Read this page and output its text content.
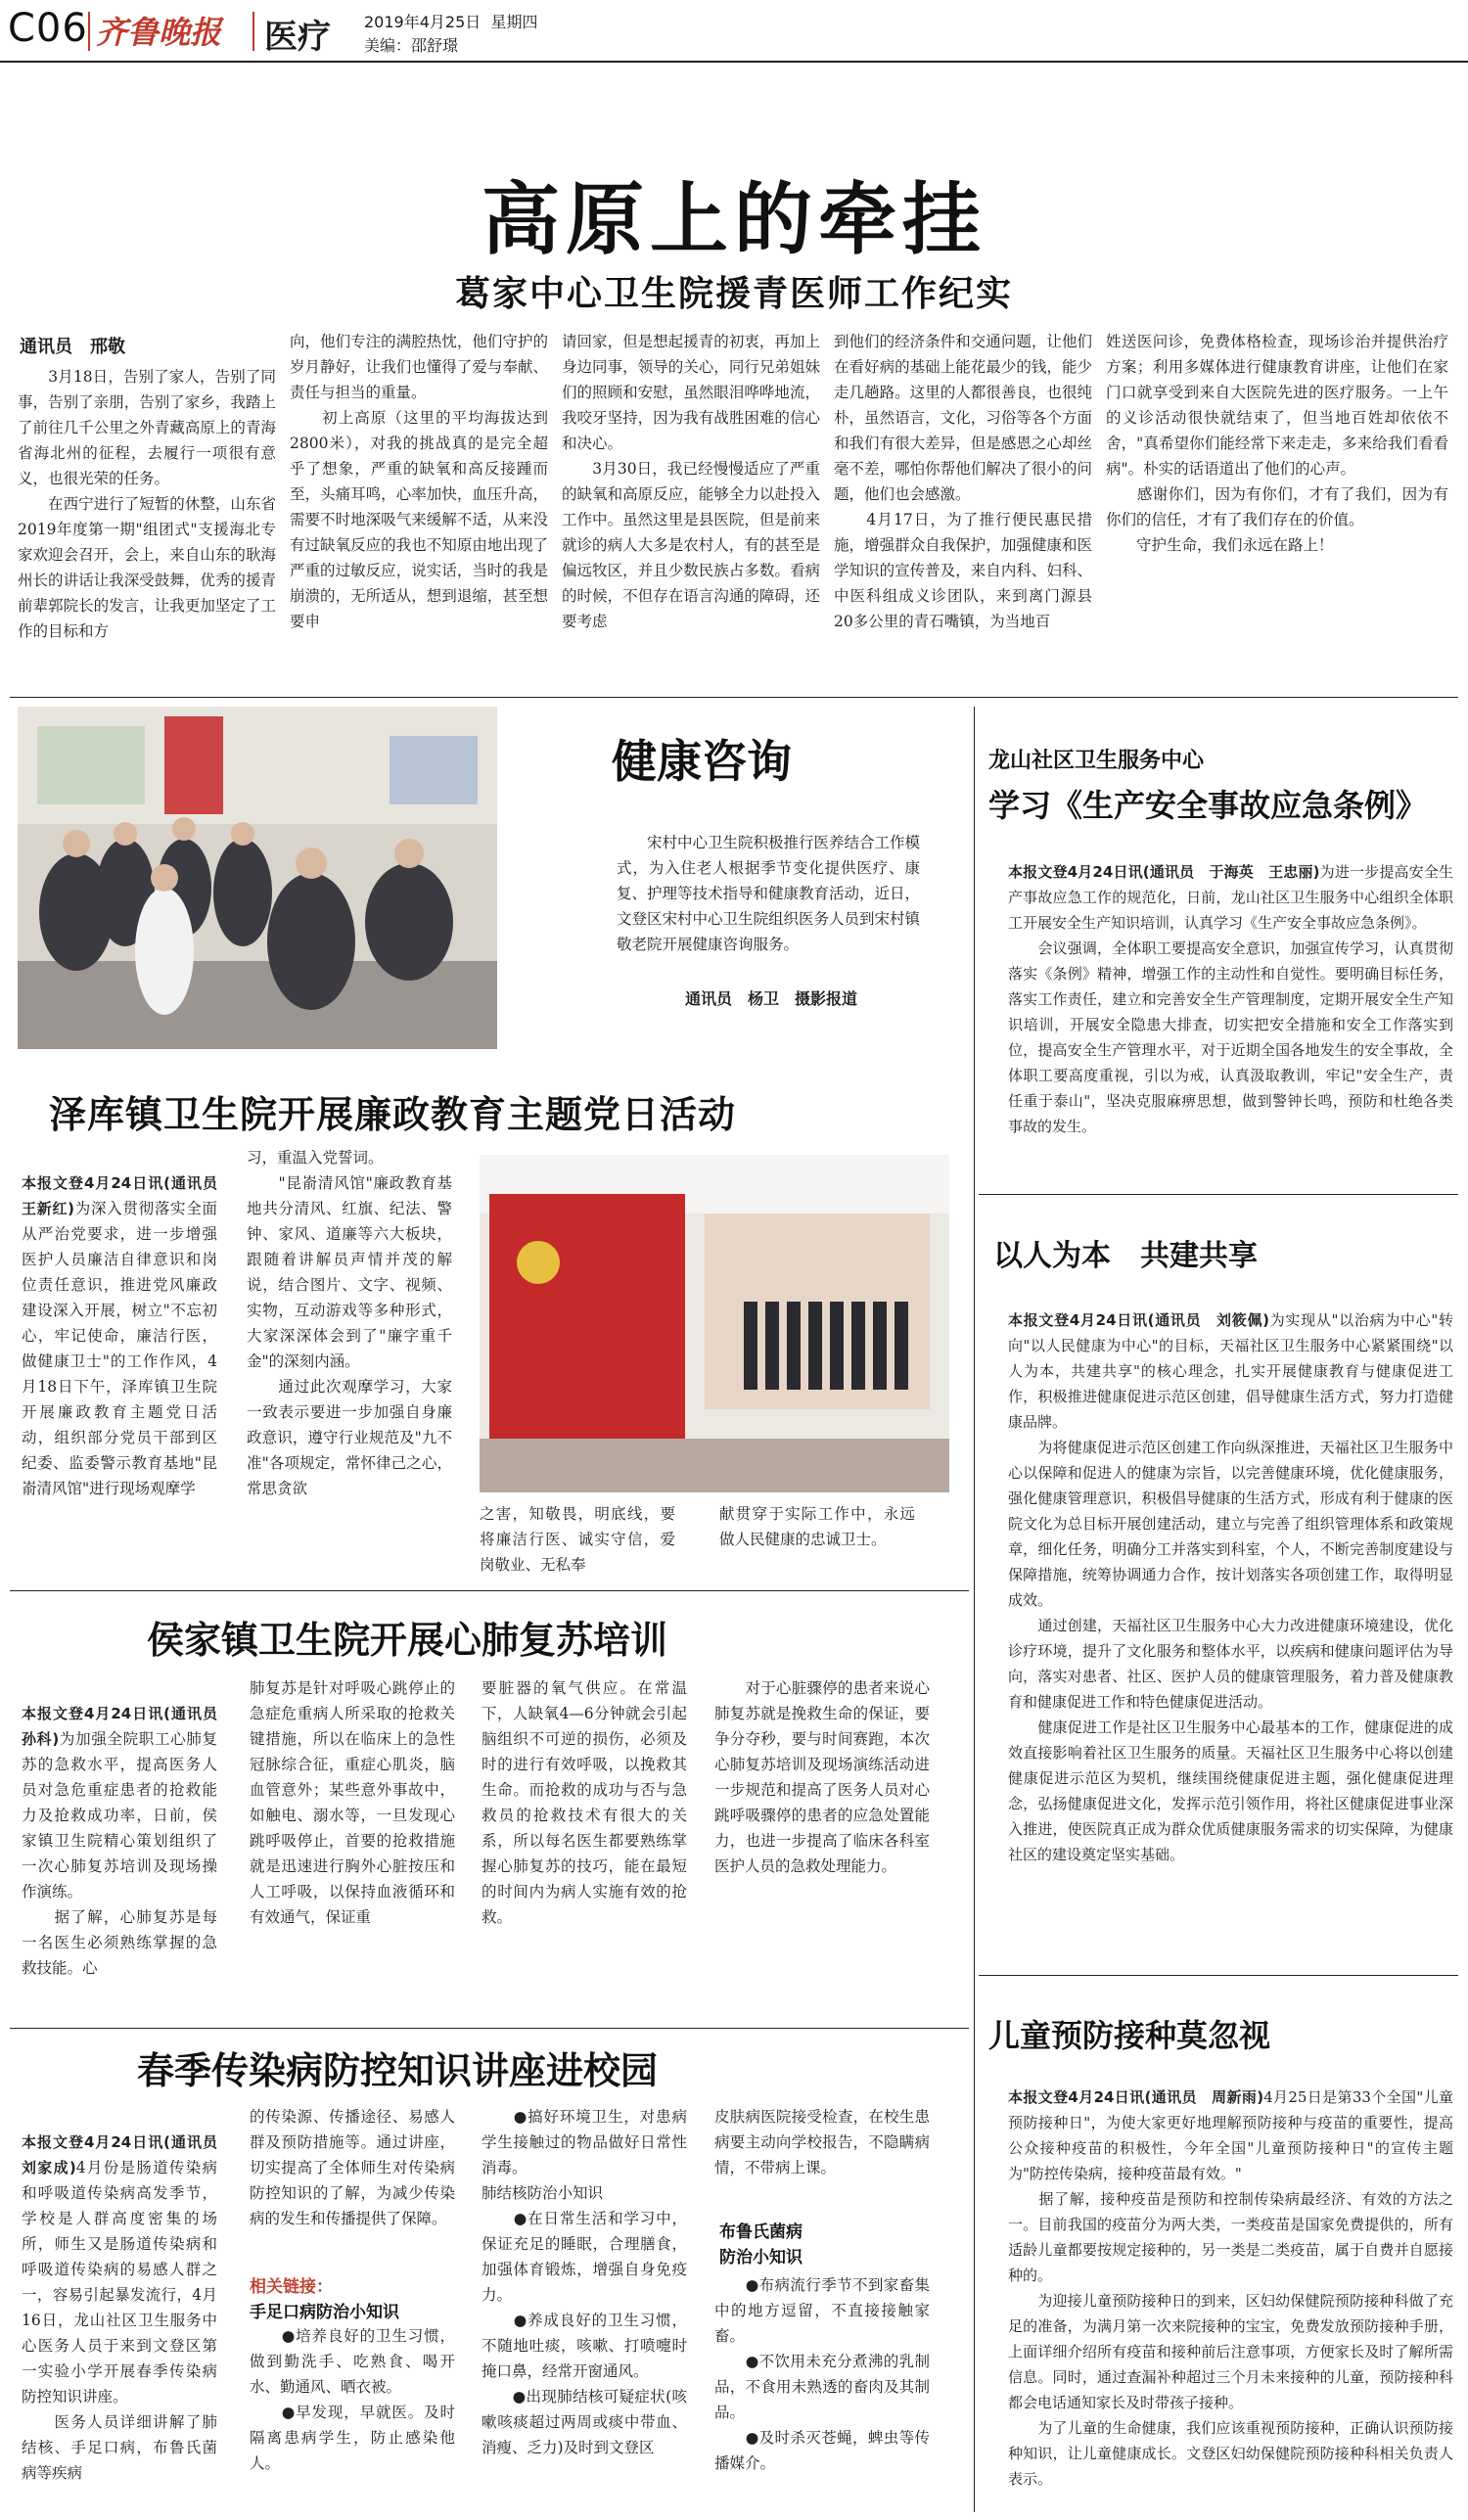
C06 齐鲁晚报 医疗 2019年4月25日 星期四
美编：邵舒璟
高原上的牵挂
葛家中心卫生院援青医师工作纪实
通讯员　邢敬
　　3月18日，告别了家人，告别了同事，告别了亲朋，告别了家乡，我踏上了前往几千公里之外青藏高原上的青海省海北州的征程，去履行一项很有意义，也很光荣的任务。
　　在西宁进行了短暂的休整，山东省2019年度第一期"组团式"支援海北专家欢迎会召开，会上，来自山东的耿海州长的讲话让我深受鼓舞，优秀的援青前辈郭院长的发言，让我更加坚定了工作的目标和方
向，他们专注的满腔热忱，他们守护的岁月静好，让我们也懂得了爱与奉献、责任与担当的重量。
　　初上高原（这里的平均海拔达到2800米），对我的挑战真的是完全超乎了想象，严重的缺氧和高反接踵而至，头痛耳鸣，心率加快，血压升高，需要不时地深吸气来缓解不适，从来没有过缺氧反应的我也不知原由地出现了严重的过敏反应，说实话，当时的我是崩溃的，无所适从，想到退缩，甚至想要申
请回家，但是想起援青的初衷，再加上身边同事，领导的关心，同行兄弟姐妹们的照顾和安慰，虽然眼泪哗哗地流，我咬牙坚持，因为我有战胜困难的信心和决心。
　　3月30日，我已经慢慢适应了严重的缺氧和高原反应，能够全力以赴投入工作中。虽然这里是县医院，但是前来就诊的病人大多是农村人，有的甚至是偏远牧区，并且少数民族占多数。看病的时候，不但存在语言沟通的障碍，还要考虑
到他们的经济条件和交通问题，让他们在看好病的基础上能花最少的钱，能少走几趟路。这里的人都很善良，也很纯朴，虽然语言，文化，习俗等各个方面和我们有很大差异，但是感恩之心却丝毫不差，哪怕你帮他们解决了很小的问题，他们也会感激。
　　4月17日，为了推行便民惠民措施，增强群众自我保护，加强健康和医学知识的宣传普及，来自内科、妇科、中医科组成义诊团队，来到离门源县20多公里的青石嘴镇，为当地百
姓送医问诊，免费体格检查，现场诊治并提供治疗方案；利用多媒体进行健康教育讲座，让他们在家门口就享受到来自大医院先进的医疗服务。一上午的义诊活动很快就结束了，但当地百姓却依依不舍，"真希望你们能经常下来走走，多来给我们看看病"。朴实的话语道出了他们的心声。
　　感谢你们，因为有你们，才有了我们，因为有你们的信任，才有了我们存在的价值。
　　守护生命，我们永远在路上！
健康咨询
　　宋村中心卫生院积极推行医养结合工作模式，为入住老人根据季节变化提供医疗、康复、护理等技术指导和健康教育活动，近日，文登区宋村中心卫生院组织医务人员到宋村镇敬老院开展健康咨询服务。
通讯员　杨卫　摄影报道
龙山社区卫生服务中心
学习《生产安全事故应急条例》

本报文登4月24日讯(通讯员　于海英　王忠丽)为进一步提高安全生产事故应急工作的规范化，日前，龙山社区卫生服务中心组织全体职工开展安全生产知识培训，认真学习《生产安全事故应急条例》。
　　会议强调，全体职工要提高安全意识，加强宣传学习，认真贯彻落实《条例》精神，增强工作的主动性和自觉性。要明确目标任务，落实工作责任，建立和完善安全生产管理制度，定期开展安全生产知识培训，开展安全隐患大排查，切实把安全措施和安全工作落实到位，提高安全生产管理水平，对于近期全国各地发生的安全事故，全体职工要高度重视，引以为戒，认真汲取教训，牢记"安全生产，责任重于泰山"，坚决克服麻痹思想，做到警钟长鸣，预防和杜绝各类事故的发生。

泽库镇卫生院开展廉政教育主题党日活动

本报文登4月24日讯(通讯员　王新红)为深入贯彻落实全面从严治党要求，进一步增强医护人员廉洁自律意识和岗位责任意识，推进党风廉政建设深入开展，树立"不忘初心，牢记使命，廉洁行医，做健康卫士"的工作作风，4月18日下午，泽库镇卫生院开展廉政教育主题党日活动，组织部分党员干部到区纪委、监委警示教育基地"昆嵛清风馆"进行现场观摩学

习，重温入党誓词。
　　"昆嵛清风馆"廉政教育基地共分清风、红旗、纪法、警钟、家风、道廉等六大板块，跟随着讲解员声情并茂的解说，结合图片、文字、视频、实物，互动游戏等多种形式，大家深深体会到了"廉字重千金"的深刻内涵。
　　通过此次观摩学习，大家一致表示要进一步加强自身廉政意识，遵守行业规范及"九不准"各项规定，常怀律己之心，常思贪欲
之害，知敬畏，明底线，要将廉洁行医、诚实守信，爱岗敬业、无私奉
献贯穿于实际工作中，永远做人民健康的忠诚卫士。
以人为本　共建共享

本报文登4月24日讯(通讯员　刘筱佩)为实现从"以治病为中心"转向"以人民健康为中心"的目标，天福社区卫生服务中心紧紧围绕"以人为本，共建共享"的核心理念，扎实开展健康教育与健康促进工作，积极推进健康促进示范区创建，倡导健康生活方式，努力打造健康品牌。
　　为将健康促进示范区创建工作向纵深推进，天福社区卫生服务中心以保障和促进人的健康为宗旨，以完善健康环境，优化健康服务，强化健康管理意识，积极倡导健康的生活方式，形成有利于健康的医院文化为总目标开展创建活动，建立与完善了组织管理体系和政策规章，细化任务，明确分工并落实到科室，个人，不断完善制度建设与保障措施，统筹协调通力合作，按计划落实各项创建工作，取得明显成效。
　　通过创建，天福社区卫生服务中心大力改进健康环境建设，优化诊疗环境，提升了文化服务和整体水平，以疾病和健康问题评估为导向，落实对患者、社区、医护人员的健康管理服务，着力普及健康教育和健康促进工作和特色健康促进活动。
　　健康促进工作是社区卫生服务中心最基本的工作，健康促进的成效直接影响着社区卫生服务的质量。天福社区卫生服务中心将以创建健康促进示范区为契机，继续围绕健康促进主题，强化健康促进理念，弘扬健康促进文化，发挥示范引领作用，将社区健康促进事业深入推进，使医院真正成为群众优质健康服务需求的切实保障，为健康社区的建设奠定坚实基础。

侯家镇卫生院开展心肺复苏培训

本报文登4月24日讯(通讯员　孙科)为加强全院职工心肺复苏的急救水平，提高医务人员对急危重症患者的抢救能力及抢救成功率，日前，侯家镇卫生院精心策划组织了一次心肺复苏培训及现场操作演练。
　　据了解，心肺复苏是每一名医生必须熟练掌握的急救技能。心

肺复苏是针对呼吸心跳停止的急症危重病人所采取的抢救关键措施，所以在临床上的急性冠脉综合征，重症心肌炎，脑血管意外；某些意外事故中，如触电、溺水等，一旦发现心跳呼吸停止，首要的抢救措施就是迅速进行胸外心脏按压和人工呼吸，以保持血液循环和有效通气，保证重
要脏器的氧气供应。在常温下，人缺氧4—6分钟就会引起脑组织不可逆的损伤，必须及时的进行有效呼吸，以挽救其生命。而抢救的成功与否与急救员的抢救技术有很大的关系，所以每名医生都要熟练掌握心肺复苏的技巧，能在最短的时间内为病人实施有效的抢救。
　　对于心脏骤停的患者来说心肺复苏就是挽救生命的保证，要争分夺秒，要与时间赛跑，本次心肺复苏培训及现场演练活动进一步规范和提高了医务人员对心跳呼吸骤停的患者的应急处置能力，也进一步提高了临床各科室医护人员的急救处理能力。
儿童预防接种莫忽视

本报文登4月24日讯(通讯员　周新雨)4月25日是第33个全国"儿童预防接种日"，为使大家更好地理解预防接种与疫苗的重要性，提高公众接种疫苗的积极性，今年全国"儿童预防接种日"的宣传主题为"防控传染病，接种疫苗最有效。"
　　据了解，接种疫苗是预防和控制传染病最经济、有效的方法之一。目前我国的疫苗分为两大类，一类疫苗是国家免费提供的，所有适龄儿童都要按规定接种的，另一类是二类疫苗，属于自费并自愿接种的。
　　为迎接儿童预防接种日的到来，区妇幼保健院预防接种科做了充足的准备，为满月第一次来院接种的宝宝，免费发放预防接种手册，上面详细介绍所有疫苗和接种前后注意事项，方便家长及时了解所需信息。同时，通过查漏补种超过三个月未来接种的儿童，预防接种科都会电话通知家长及时带孩子接种。
　　为了儿童的生命健康，我们应该重视预防接种，正确认识预防接种知识，让儿童健康成长。文登区妇幼保健院预防接种科相关负责人表示。

春季传染病防控知识讲座进校园

本报文登4月24日讯(通讯员　刘家成)4月份是肠道传染病和呼吸道传染病高发季节，学校是人群高度密集的场所，师生又是肠道传染病和呼吸道传染病的易感人群之一，容易引起暴发流行，4月16日，龙山社区卫生服务中心医务人员于来到文登区第一实验小学开展春季传染病防控知识讲座。
　　医务人员详细讲解了肺结核、手足口病，布鲁氏菌病等疾病

的传染源、传播途径、易感人群及预防措施等。通过讲座，切实提高了全体师生对传染病防控知识的了解，为减少传染病的发生和传播提供了保障。
相关链接：
手足口病防治小知识
　　●培养良好的卫生习惯，做到勤洗手、吃熟食、喝开水、勤通风、晒衣被。
　　●早发现，早就医。及时隔离患病学生，防止感染他人。
　　●搞好环境卫生，对患病学生接触过的物品做好日常性消毒。
肺结核防治小知识
　　●在日常生活和学习中，保证充足的睡眠，合理膳食，加强体育锻炼，增强自身免疫力。
　　●养成良好的卫生习惯，不随地吐痰，咳嗽、打喷嚏时掩口鼻，经常开窗通风。
　　●出现肺结核可疑症状(咳嗽咳痰超过两周或痰中带血、消瘦、乏力)及时到文登区
皮肤病医院接受检查，在校生患病要主动向学校报告，不隐瞒病情，不带病上课。
布鲁氏菌病
防治小知识
　　●布病流行季节不到家畜集中的地方逗留，不直接接触家畜。
　　●不饮用未充分煮沸的乳制品，不食用未熟透的畜肉及其制品。
　　●及时杀灭苍蝇，蜱虫等传播媒介。
